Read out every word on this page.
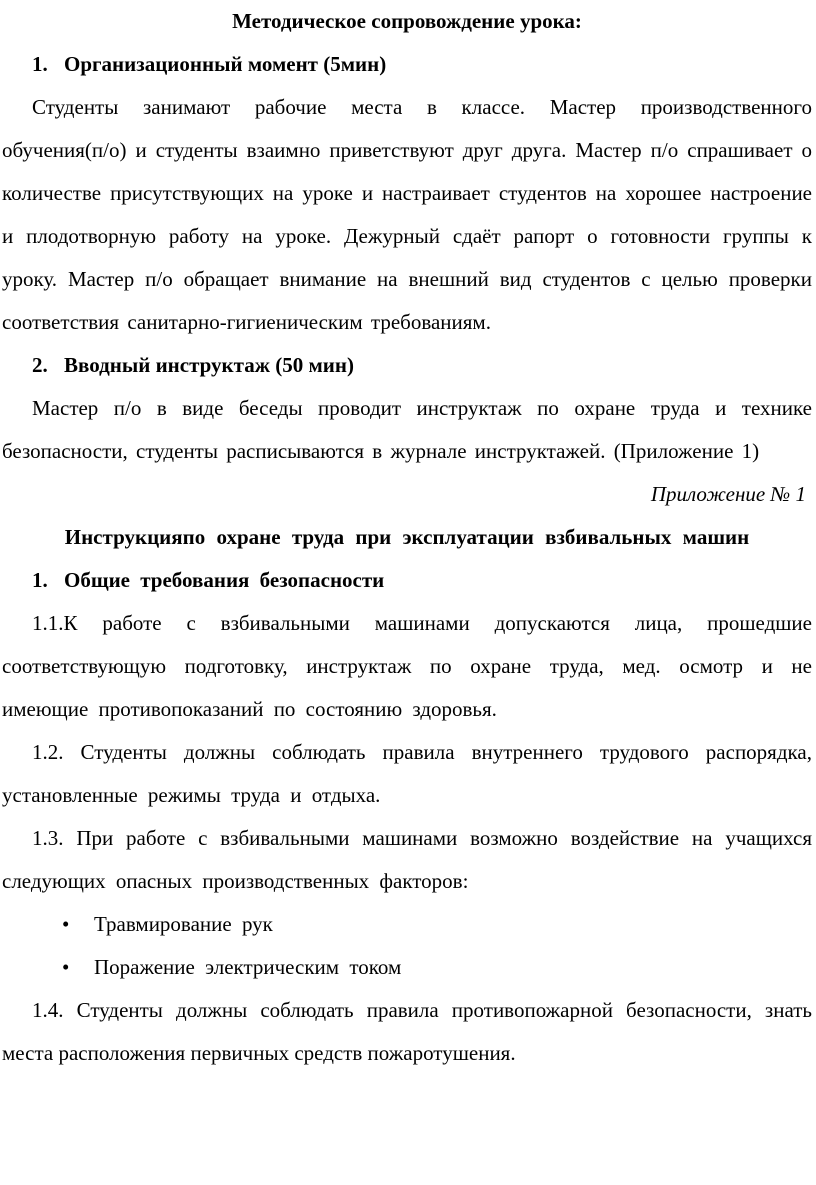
Методическое сопровождение урока:

1. Организационный момент (5мин)

Студенты занимают рабочие места в классе. Мастер производственного обучения(п/о) и студенты взаимно приветствуют друг друга. Мастер п/о спрашивает о количестве присутствующих на уроке и настраивает студентов на хорошее настроение и плодотворную работу на уроке. Дежурный сдаёт рапорт о готовности группы к уроку. Мастер п/о обращает внимание на внешний вид студентов с целью проверки соответствия санитарно-гигиеническим требованиям.

2. Вводный инструктаж (50 мин)

Мастер п/о в виде беседы проводит инструктаж по охране труда и технике безопасности, студенты расписываются в журнале инструктажей. (Приложение 1)

Приложение № 1

Инструкцияпо охране труда при эксплуатации взбивальных машин

1. Общие требования безопасности

1.1.К работе с взбивальными машинами допускаются лица, прошедшие соответствующую подготовку, инструктаж по охране труда, мед. осмотр и не имеющие противопоказаний по состоянию здоровья.

1.2. Студенты должны соблюдать правила внутреннего трудового распорядка, установленные режимы труда и отдыха.

1.3. При работе с взбивальными машинами возможно воздействие на учащихся следующих опасных производственных факторов:

•	Травмирование рук
•	Поражение электрическим током

1.4. Студенты должны соблюдать правила противопожарной безопасности, знать места расположения первичных средств пожаротушения.
